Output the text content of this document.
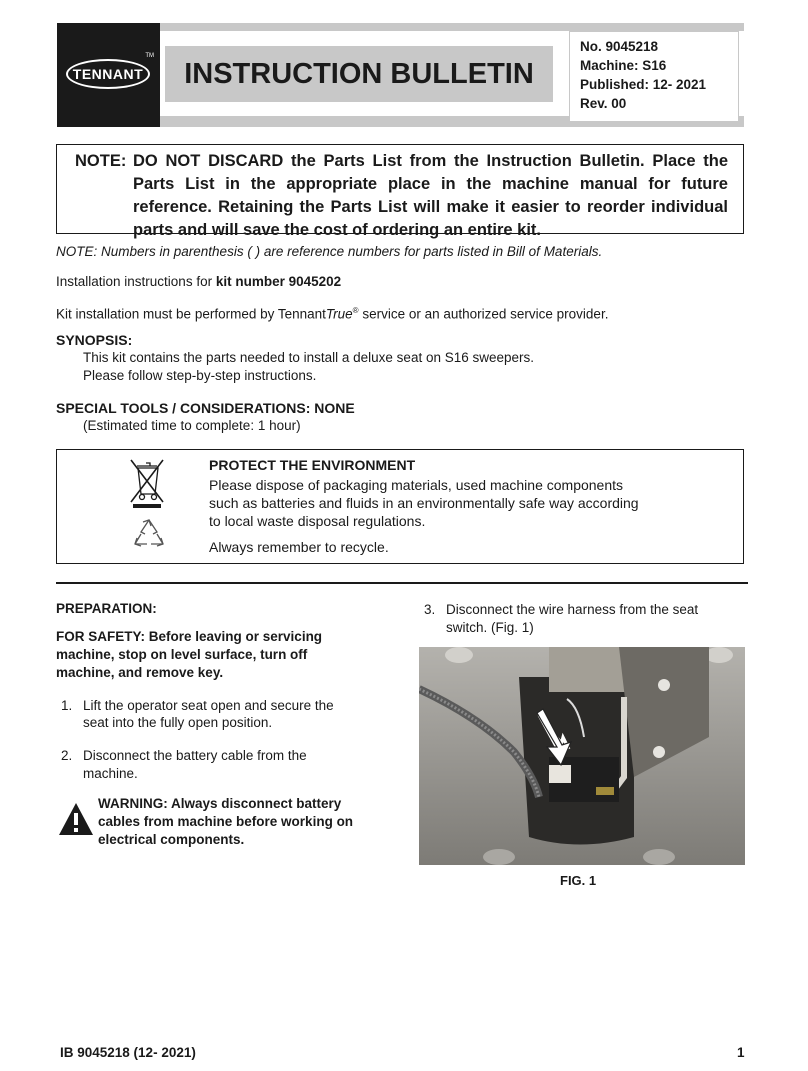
TENNANT
TM
INSTRUCTION BULLETIN
No. 9045218
Machine: S16
Published: 12- 2021
Rev. 00
NOTE: DO NOT DISCARD the Parts List from the Instruction Bulletin. Place the Parts List in the appropriate place in the machine manual for future reference. Retaining the Parts List will make it easier to reorder individual parts and will save the cost of ordering an entire kit.
NOTE: Numbers in parenthesis ( ) are reference numbers for parts listed in Bill of Materials.
Installation instructions for kit number 9045202
Kit installation must be performed by TennantTrue® service or an authorized service provider.
SYNOPSIS:
This kit contains the parts needed to install a deluxe seat on S16 sweepers.
Please follow step-by-step instructions.
SPECIAL TOOLS / CONSIDERATIONS: NONE
(Estimated time to complete: 1 hour)
PROTECT THE ENVIRONMENT
Please dispose of packaging materials, used machine components
such as batteries and fluids in an environmentally safe way according
to local waste disposal regulations.
Always remember to recycle.
PREPARATION:
FOR SAFETY: Before leaving or servicing
machine, stop on level surface, turn off
machine, and remove key.
1. Lift the operator seat open and secure the
seat into the fully open position.
2. Disconnect the battery cable from the
machine.
WARNING: Always disconnect battery
cables from machine before working on
electrical components.
3. Disconnect the wire harness from the seat
switch. (Fig. 1)
FIG. 1
IB 9045218 (12- 2021)	1
